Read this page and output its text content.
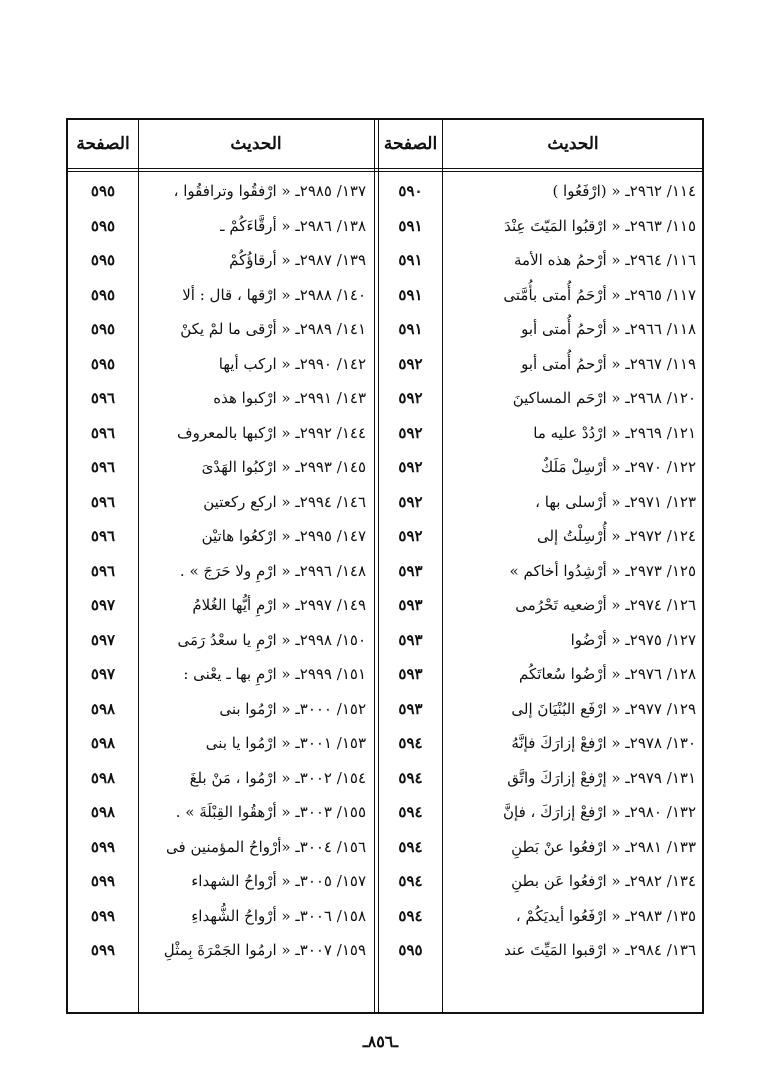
الحديث
الصفحة
الحديث
الصفحة
١١٤/ ٢٩٦٢ـ « (ارْفَعُوا )
١١٥/ ٢٩٦٣ـ « ارْقبُوا المَيّتَ عِنْدَ
١١٦/ ٢٩٦٤ـ « أرْحمُ هذه الأمة
١١٧/ ٢٩٦٥ـ « أرْحَمُ أُمتى بأُمَّتى
١١٨/ ٢٩٦٦ـ « أرْحمُ أُمتى أبو
١١٩/ ٢٩٦٧ـ « أرْحمُ أُمتى أبو
١٢٠/ ٢٩٦٨ـ « ارْحَم المساكينَ
١٢١/ ٢٩٦٩ـ « ارْدُدْ عليه ما
١٢٢/ ٢٩٧٠ـ « أرْسِلْ مَلَكٌ
١٢٣/ ٢٩٧١ـ « أرْسلى بها ،
١٢٤/ ٢٩٧٢ـ « أُرْسِلْتُ إلى
١٢٥/ ٢٩٧٣ـ « أرْشِدُوا أخاكم »
١٢٦/ ٢٩٧٤ـ « أرْضعيه تَحْرُمى
١٢٧/ ٢٩٧٥ـ « أرْضُوا
١٢٨/ ٢٩٧٦ـ « أرْضُوا سُعاتَكُم
١٢٩/ ٢٩٧٧ـ « ارْفَع البُنْيَانَ إلى
١٣٠/ ٢٩٧٨ـ « ارْفعْ إزارَكَ فإنَّهُ
١٣١/ ٢٩٧٩ـ « إرْفعْ إزارَكَ واتَّق
١٣٢/ ٢٩٨٠ـ « ارْفعْ إزارَكَ ، فإنَّ
١٣٣/ ٢٩٨١ـ « ارْفعُوا عنْ بَطنِ
١٣٤/ ٢٩٨٢ـ « ارْفعُوا عَن بطنِ
١٣٥/ ٢٩٨٣ـ « ارْفَعُوا أيديَكُمْ ،
١٣٦/ ٢٩٨٤ـ « ارْقبوا المَيِّتَ عند
٥٩٠
٥٩١
٥٩١
٥٩١
٥٩١
٥٩٢
٥٩٢
٥٩٢
٥٩٢
٥٩٢
٥٩٢
٥٩٣
٥٩٣
٥٩٣
٥٩٣
٥٩٣
٥٩٤
٥٩٤
٥٩٤
٥٩٤
٥٩٤
٥٩٤
٥٩٥
١٣٧/ ٢٩٨٥ـ « ارْفقُوا وترافقُوا ،
١٣٨/ ٢٩٨٦ـ « أرقَّاءَكُمْ ـ
١٣٩/ ٢٩٨٧ـ « أرقاؤُكُمْ
١٤٠/ ٢٩٨٨ـ « ارْقها ، قال : ألا
١٤١/ ٢٩٨٩ـ « أرْقى ما لمْ يكنْ
١٤٢/ ٢٩٩٠ـ « اركب أيها
١٤٣/ ٢٩٩١ـ « ارْكبوا هذه
١٤٤/ ٢٩٩٢ـ « ارْكبها بالمعروف
١٤٥/ ٢٩٩٣ـ « ارْكبُوا الهَدْىَ
١٤٦/ ٢٩٩٤ـ « اركع ركعتين
١٤٧/ ٢٩٩٥ـ « ارْكعُوا هاتيْن
١٤٨/ ٢٩٩٦ـ « ارْمِ ولا حَرَجَ » .
١٤٩/ ٢٩٩٧ـ « ارْمِ أيُّها الغُلامُ
١٥٠/ ٢٩٩٨ـ « ارْمِ يا سعْدُ رَمَى
١٥١/ ٢٩٩٩ـ « ارْمِ بها ـ يعْنى :
١٥٢/ ٣٠٠٠ـ « ارْمُوا بنى
١٥٣/ ٣٠٠١ـ « ارْمُوا يا بنى
١٥٤/ ٣٠٠٢ـ « ارْمُوا ، مَنْ بلغَ
١٥٥/ ٣٠٠٣ـ « أرْهقُوا القِبْلَةَ » .
١٥٦/ ٣٠٠٤ـ «أرْواحُ المؤمنين فى
١٥٧/ ٣٠٠٥ـ « أرْواحُ الشهداء
١٥٨/ ٣٠٠٦ـ « أرْواحُ الشُّهداءِ
١٥٩/ ٣٠٠٧ـ « ارمُوا الجَمْرَةَ بِمثْلِ
٥٩٥
٥٩٥
٥٩٥
٥٩٥
٥٩٥
٥٩٥
٥٩٦
٥٩٦
٥٩٦
٥٩٦
٥٩٦
٥٩٦
٥٩٧
٥٩٧
٥٩٧
٥٩٨
٥٩٨
٥٩٨
٥٩٨
٥٩٩
٥٩٩
٥٩٩
٥٩٩
ـ٨٥٦ـ
